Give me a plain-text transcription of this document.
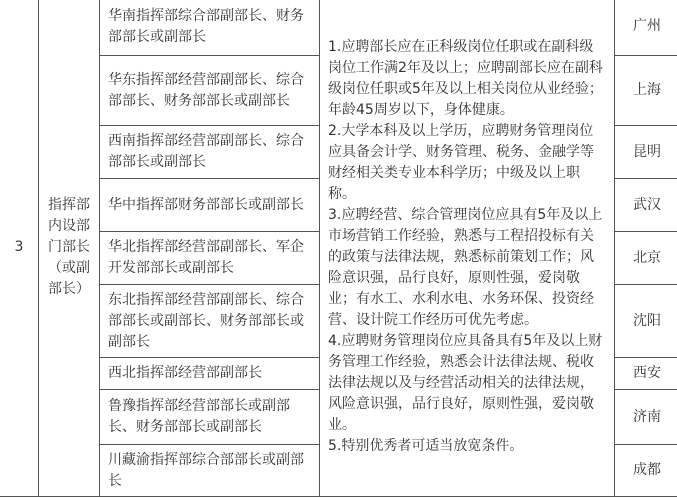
3	指挥部内设部门部长（或副部长）	华南指挥部综合部副部长、财务部部长或副部长	1.应聘部长应在正科级岗位任职或在副科级岗位工作满2年及以上；应聘副部长应在副科级岗位任职或5年及以上相关岗位从业经验；年龄45周岁以下，身体健康。

2.大学本科及以上学历，应聘财务管理岗位应具备会计学、财务管理、税务、金融学等财经相关类专业本科学历；中级及以上职称。

3.应聘经营、综合管理岗位应具有5年及以上市场营销工作经验，熟悉与工程招投标有关的政策与法律法规，熟悉标前策划工作；风险意识强，品行良好，原则性强，爱岗敬业；有水工、水利水电、水务环保、投资经营、设计院工作经历可优先考虑。

4.应聘财务管理岗位应具备具有5年及以上财务管理工作经验，熟悉会计法律法规、税收法律法规以及与经营活动相关的法律法规，风险意识强，品行良好，原则性强，爱岗敬业。

5.特别优秀者可适当放宽条件。	广州
		华东指挥部经营部副部长、综合部部长、财务部部长或副部长		上海
		西南指挥部经营部副部长、综合部部长或副部长		昆明
		华中指挥部财务部部长或副部长		武汉
		华北指挥部经营部副部长、军企开发部部长或副部长		北京
		东北指挥部经营部副部长、综合部部长或副部长、财务部部长或副部长		沈阳
		西北指挥部经营部副部长		西安
		鲁豫指挥部经营部部长或副部长、财务部部长或副部长		济南
		川藏渝指挥部综合部部长或副部长		成都
